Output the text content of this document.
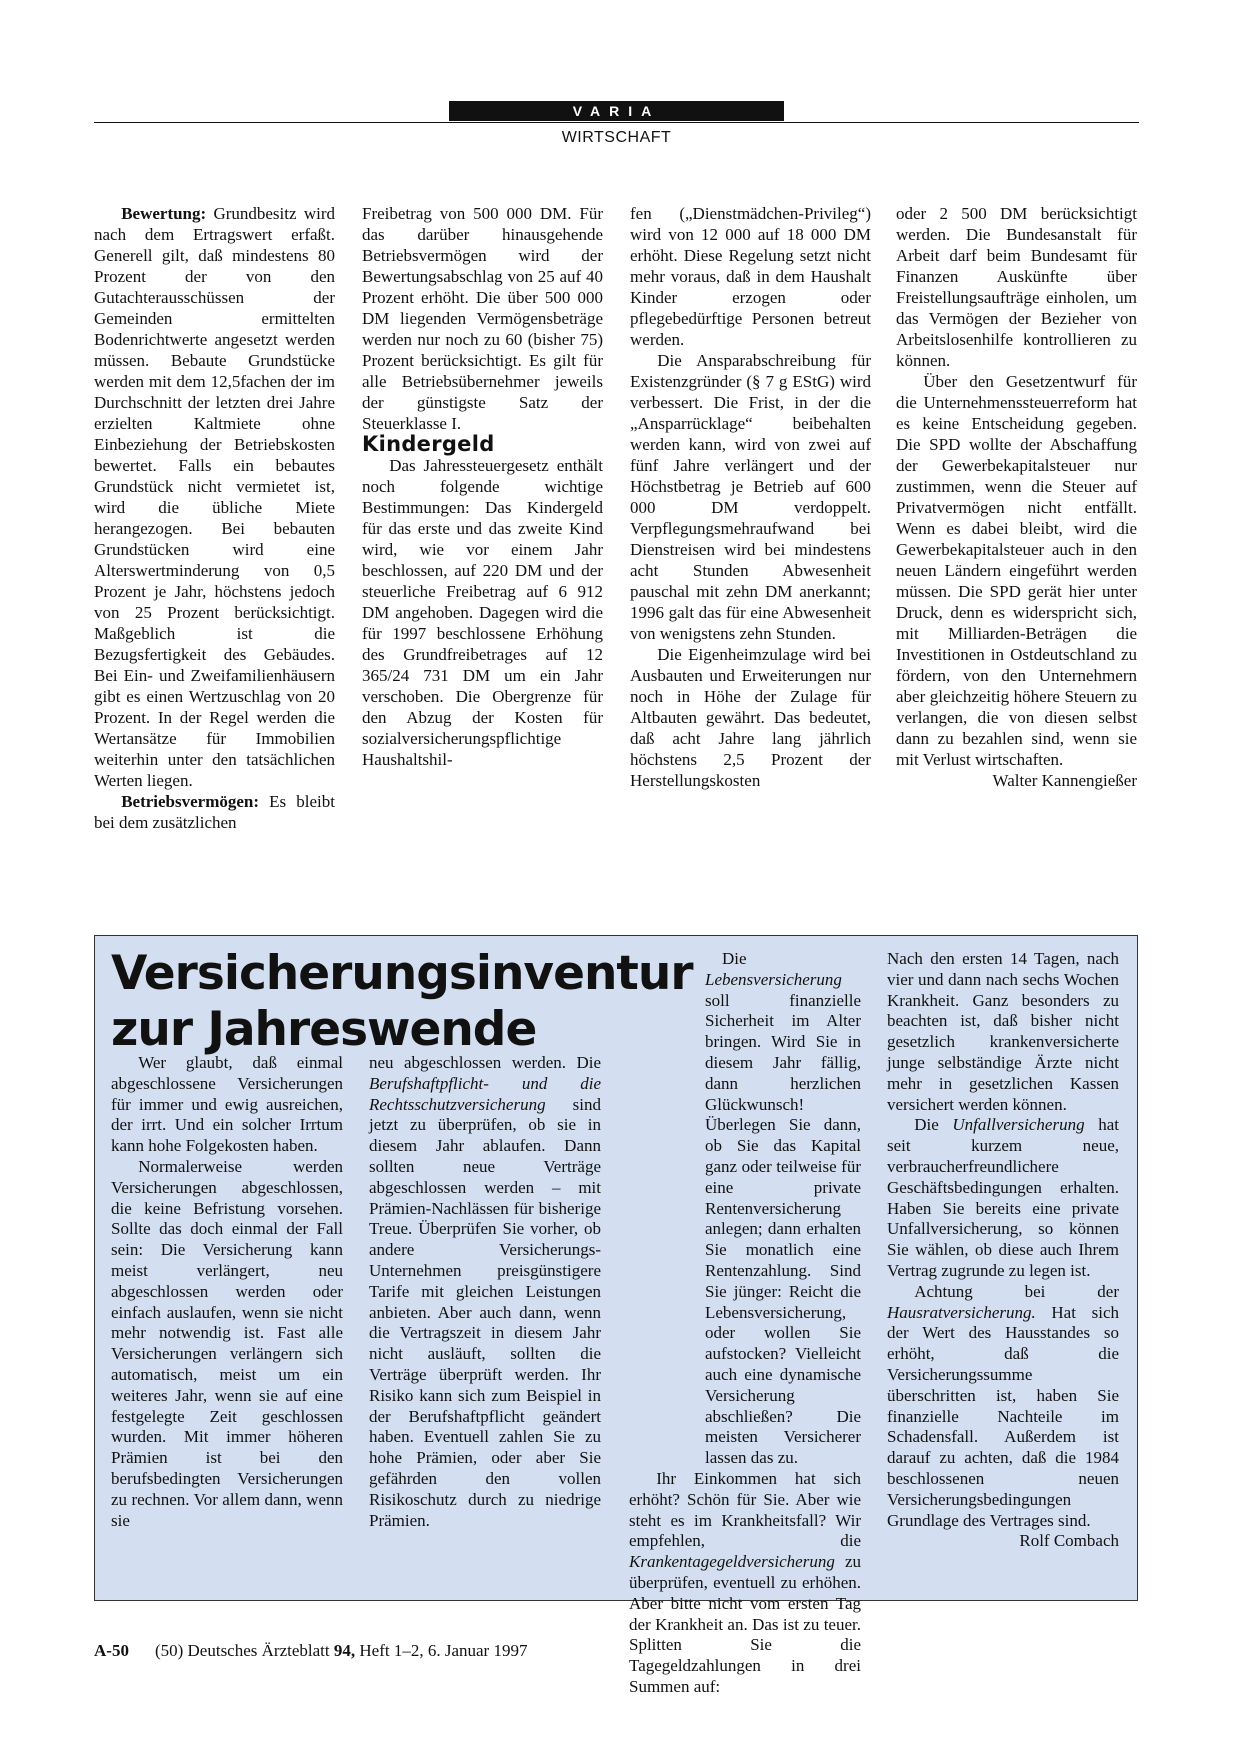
VARIA
WIRTSCHAFT

Bewertung: Grundbesitz wird nach dem Ertragswert erfaßt. Generell gilt, daß mindestens 80 Prozent der von den Gutachterausschüssen der Gemeinden ermittelten Bodenrichtwerte angesetzt werden müssen. Bebaute Grundstücke werden mit dem 12,5fachen der im Durchschnitt der letzten drei Jahre erzielten Kaltmiete ohne Einbeziehung der Betriebskosten bewertet. Falls ein bebautes Grundstück nicht vermietet ist, wird die übliche Miete herangezogen. Bei bebauten Grundstücken wird eine Alterswertminderung von 0,5 Prozent je Jahr, höchstens jedoch von 25 Prozent berücksichtigt. Maßgeblich ist die Bezugsfertigkeit des Gebäudes. Bei Ein- und Zweifamilienhäusern gibt es einen Wertzuschlag von 20 Prozent. In der Regel werden die Wertansätze für Immobilien weiterhin unter den tatsächlichen Werten liegen.

Betriebsvermögen: Es bleibt bei dem zusätzlichen

Freibetrag von 500 000 DM. Für das darüber hinausgehende Betriebsvermögen wird der Bewertungsabschlag von 25 auf 40 Prozent erhöht. Die über 500 000 DM liegenden Vermögensbeträge werden nur noch zu 60 (bisher 75) Prozent berücksichtigt. Es gilt für alle Betriebsübernehmer jeweils der günstigste Satz der Steuerklasse I.

Kindergeld

Das Jahressteuergesetz enthält noch folgende wichtige Bestimmungen: Das Kindergeld für das erste und das zweite Kind wird, wie vor einem Jahr beschlossen, auf 220 DM und der steuerliche Freibetrag auf 6 912 DM angehoben. Dagegen wird die für 1997 beschlossene Erhöhung des Grundfreibetrages auf 12 365/24 731 DM um ein Jahr verschoben. Die Obergrenze für den Abzug der Kosten für sozialversicherungspflichtige Haushaltshil-

fen („Dienstmädchen-Privileg“) wird von 12 000 auf 18 000 DM erhöht. Diese Regelung setzt nicht mehr voraus, daß in dem Haushalt Kinder erzogen oder pflegebedürftige Personen betreut werden.

Die Ansparabschreibung für Existenzgründer (§ 7 g EStG) wird verbessert. Die Frist, in der die „Ansparrücklage“ beibehalten werden kann, wird von zwei auf fünf Jahre verlängert und der Höchstbetrag je Betrieb auf 600 000 DM verdoppelt. Verpflegungsmehraufwand bei Dienstreisen wird bei mindestens acht Stunden Abwesenheit pauschal mit zehn DM anerkannt; 1996 galt das für eine Abwesenheit von wenigstens zehn Stunden.

Die Eigenheimzulage wird bei Ausbauten und Erweiterungen nur noch in Höhe der Zulage für Altbauten gewährt. Das bedeutet, daß acht Jahre lang jährlich höchstens 2,5 Prozent der Herstellungskosten

oder 2 500 DM berücksichtigt werden. Die Bundesanstalt für Arbeit darf beim Bundesamt für Finanzen Auskünfte über Freistellungsaufträge einholen, um das Vermögen der Bezieher von Arbeitslosenhilfe kontrollieren zu können.

Über den Gesetzentwurf für die Unternehmenssteuerreform hat es keine Entscheidung gegeben. Die SPD wollte der Abschaffung der Gewerbekapitalsteuer nur zustimmen, wenn die Steuer auf Privatvermögen nicht entfällt. Wenn es dabei bleibt, wird die Gewerbekapitalsteuer auch in den neuen Ländern eingeführt werden müssen. Die SPD gerät hier unter Druck, denn es widerspricht sich, mit Milliarden-Beträgen die Investitionen in Ostdeutschland zu fördern, von den Unternehmern aber gleichzeitig höhere Steuern zu verlangen, die von diesen selbst dann zu bezahlen sind, wenn sie mit Verlust wirtschaften.
Walter Kannengießer

Versicherungsinventur zur Jahreswende

Wer glaubt, daß einmal abgeschlossene Versicherungen für immer und ewig ausreichen, der irrt. Und ein solcher Irrtum kann hohe Folgekosten haben.

Normalerweise werden Versicherungen abgeschlossen, die keine Befristung vorsehen. Sollte das doch einmal der Fall sein: Die Versicherung kann meist verlängert, neu abgeschlossen werden oder einfach auslaufen, wenn sie nicht mehr notwendig ist. Fast alle Versicherungen verlängern sich automatisch, meist um ein weiteres Jahr, wenn sie auf eine festgelegte Zeit geschlossen wurden. Mit immer höheren Prämien ist bei den berufsbedingten Versicherungen zu rechnen. Vor allem dann, wenn sie

neu abgeschlossen werden. Die Berufshaftpflicht- und die Rechtsschutzversicherung sind jetzt zu überprüfen, ob sie in diesem Jahr ablaufen. Dann sollten neue Verträge abgeschlossen werden – mit Prämien-Nachlässen für bisherige Treue. Überprüfen Sie vorher, ob andere Versicherungs-Unternehmen preisgünstigere Tarife mit gleichen Leistungen anbieten. Aber auch dann, wenn die Vertragszeit in diesem Jahr nicht ausläuft, sollten die Verträge überprüft werden. Ihr Risiko kann sich zum Beispiel in der Berufshaftpflicht geändert haben. Eventuell zahlen Sie zu hohe Prämien, oder aber Sie gefährden den vollen Risikoschutz durch zu niedrige Prämien.

Die Lebensversicherung soll finanzielle Sicherheit im Alter bringen. Wird Sie in diesem Jahr fällig, dann herzlichen Glückwunsch! Überlegen Sie dann, ob Sie das Kapital ganz oder teilweise für eine private Rentenversicherung anlegen; dann erhalten Sie monatlich eine Rentenzahlung. Sind Sie jünger: Reicht die Lebensversicherung, oder wollen Sie aufstocken? Vielleicht auch eine dynamische Versicherung abschließen? Die meisten Versicherer lassen das zu.

Ihr Einkommen hat sich erhöht? Schön für Sie. Aber wie steht es im Krankheitsfall? Wir empfehlen, die Krankentagegeldversicherung zu überprüfen, eventuell zu erhöhen. Aber bitte nicht vom ersten Tag der Krankheit an. Das ist zu teuer. Splitten Sie die Tagegeldzahlungen in drei Summen auf:

Nach den ersten 14 Tagen, nach vier und dann nach sechs Wochen Krankheit. Ganz besonders zu beachten ist, daß bisher nicht gesetzlich krankenversicherte junge selbständige Ärzte nicht mehr in gesetzlichen Kassen versichert werden können.

Die Unfallversicherung hat seit kurzem neue, verbraucherfreundlichere Geschäftsbedingungen erhalten. Haben Sie bereits eine private Unfallversicherung, so können Sie wählen, ob diese auch Ihrem Vertrag zugrunde zu legen ist.

Achtung bei der Hausratversicherung. Hat sich der Wert des Hausstandes so erhöht, daß die Versicherungssumme überschritten ist, haben Sie finanzielle Nachteile im Schadensfall. Außerdem ist darauf zu achten, daß die 1984 beschlossenen neuen Versicherungsbedingungen Grundlage des Vertrages sind.
Rolf Combach

A-50 (50) Deutsches Ärzteblatt 94, Heft 1–2, 6. Januar 1997
